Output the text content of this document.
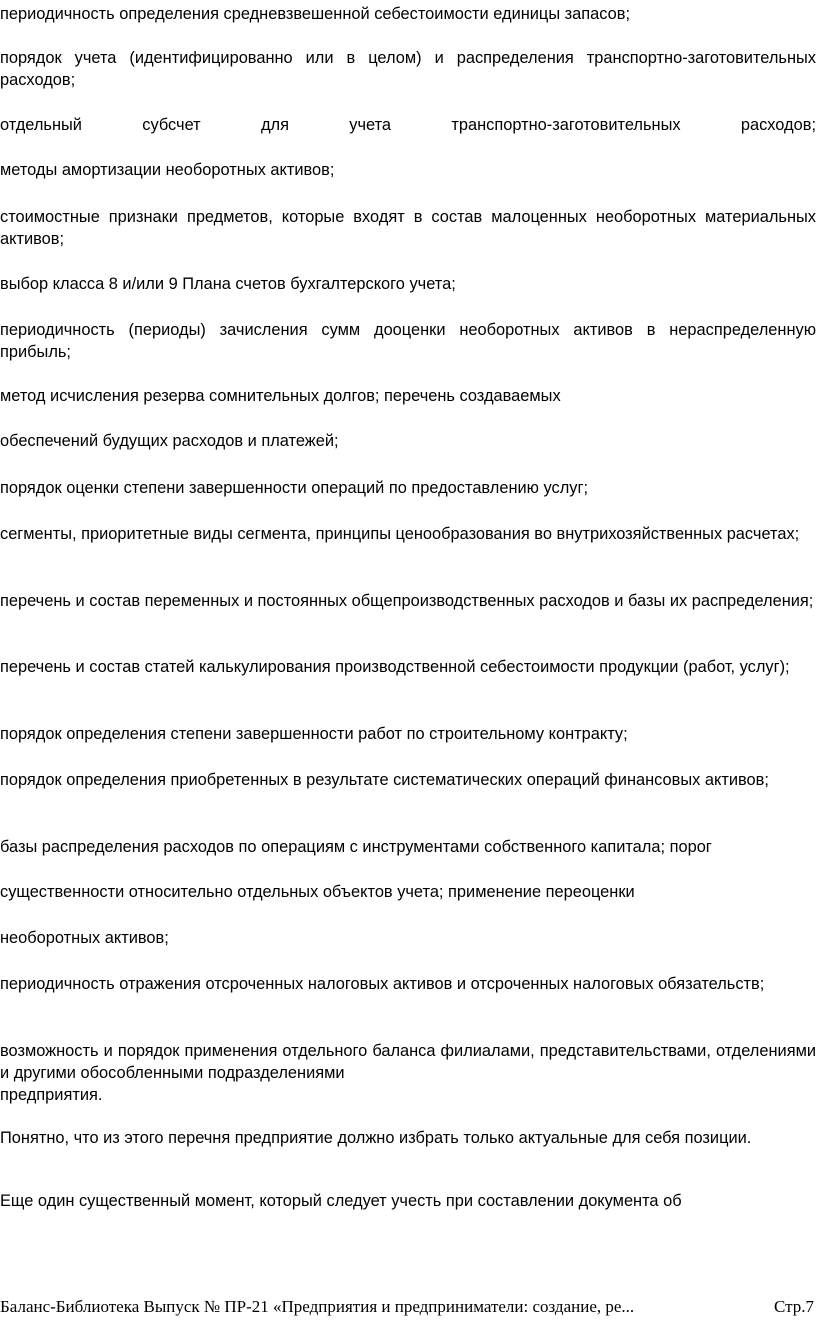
периодичность определения средневзвешенной себестоимости единицы запасов;

порядок учета (идентифицированно или в целом) и распределения транспортно-заготовительных расходов;

отдельный субсчет для учета транспортно-заготовительных расходов;

методы амортизации необоротных активов;

стоимостные признаки предметов, которые входят в состав малоценных необоротных материальных активов;

выбор класса 8 и/или 9 Плана счетов бухгалтерского учета;

периодичность (периоды) зачисления сумм дооценки необоротных активов в нераспределенную прибыль;

метод исчисления резерва сомнительных долгов; перечень создаваемых

обеспечений будущих расходов и платежей;

порядок оценки степени завершенности операций по предоставлению услуг;

сегменты, приоритетные виды сегмента, принципы ценообразования во внутрихозяйственных расчетах;

перечень и состав переменных и постоянных общепроизводственных расходов и базы их распределения;

перечень и состав статей калькулирования производственной себестоимости продукции (работ, услуг);

порядок определения степени завершенности работ по строительному контракту;

порядок определения приобретенных в результате систематических операций финансовых активов;

базы распределения расходов по операциям с инструментами собственного капитала; порог

существенности относительно отдельных объектов учета; применение переоценки

необоротных активов;

периодичность отражения отсроченных налоговых активов и отсроченных налоговых обязательств;

возможность и порядок применения отдельного баланса филиалами, представительствами, отделениями и другими обособленными подразделениями

предприятия.

Понятно, что из этого перечня предприятие должно избрать только актуальные для себя позиции.

Еще один существенный момент, который следует учесть при составлении документа об

Баланс-Библиотека Выпуск № ПР-21 «Предприятия и предприниматели: создание, ре...	Стр.7
